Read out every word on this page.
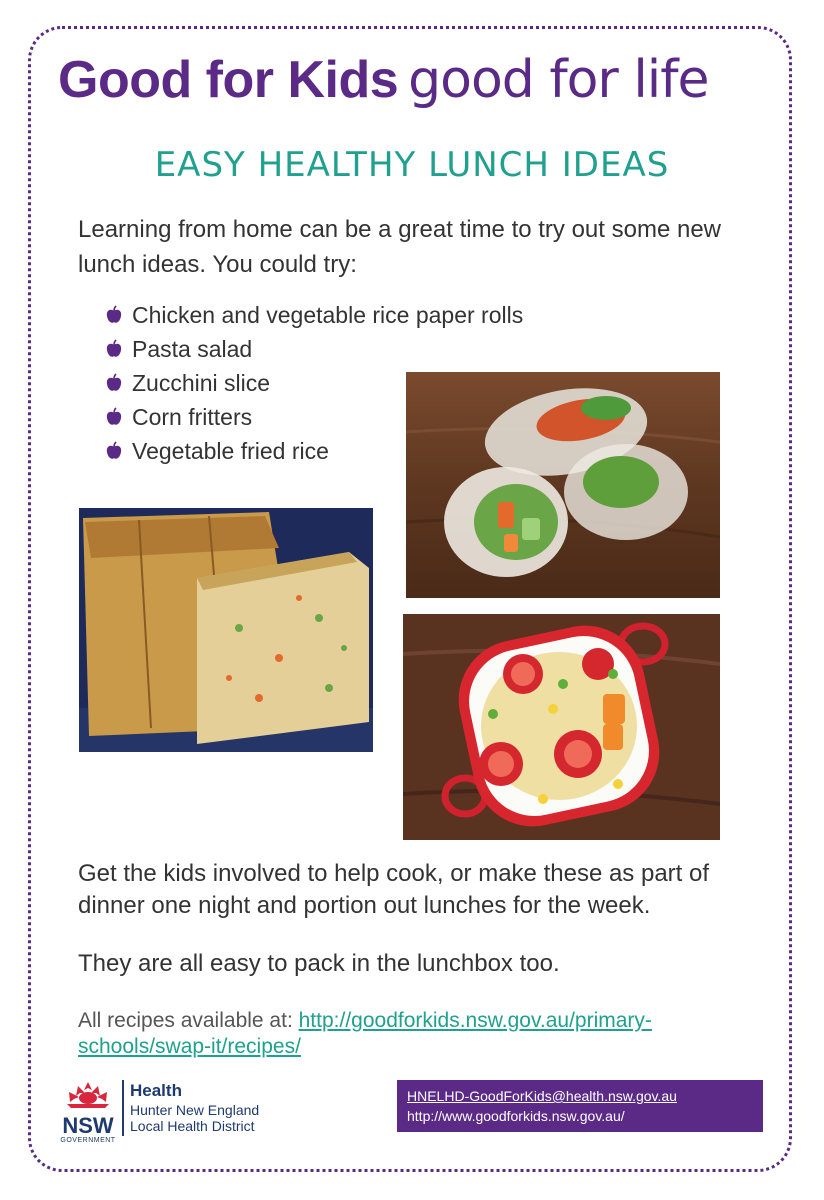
Good for Kids good for life
EASY HEALTHY LUNCH IDEAS
Learning from home can be a great time to try out some new lunch ideas. You could try:
Chicken and vegetable rice paper rolls
Pasta salad
Zucchini slice
Corn fritters
Vegetable fried rice
Get the kids involved to help cook, or make these as part of dinner one night and portion out lunches for the week.
They are all easy to pack in the lunchbox too.
All recipes available at: http://goodforkids.nsw.gov.au/primary-schools/swap-it/recipes/
NSW
GOVERNMENT
Health
Hunter New England
Local Health District
HNELHD-GoodForKids@health.nsw.gov.au
http://www.goodforkids.nsw.gov.au/
